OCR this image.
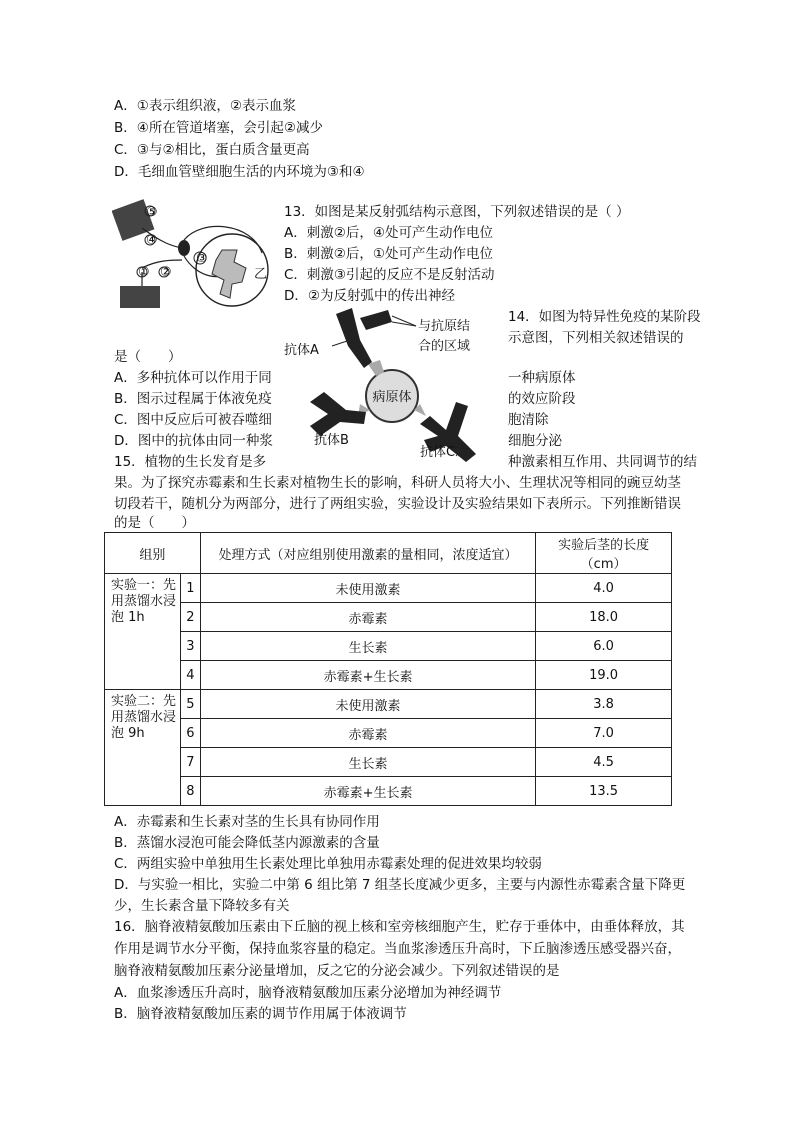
A．①表示组织液，②表示血浆
B．④所在管道堵塞，会引起②减少
C．③与②相比，蛋白质含量更高
D．毛细血管壁细胞生活的内环境为③和④
⑤
④
③
乙
① ②
13．如图是某反射弧结构示意图，下列叙述错误的是（ ）
A．刺激②后，④处可产生动作电位
B．刺激②后，①处可产生动作电位
C．刺激③引起的反应不是反射活动
D．②为反射弧中的传出神经
14．如图为特异性免疫的某阶段
示意图，下列相关叙述错误的
是（　　）
A．多种抗体可以作用于同
B．图示过程属于体液免疫
C．图中反应后可被吞噬细
D．图中的抗体由同一种浆
一种病原体
的效应阶段
胞清除
细胞分泌
病原体
与抗原结
合的区域
抗体A
抗体B
抗体C
15．植物的生长发育是多	种激素相互作用、共同调节的结
果。为了探究赤霉素和生长素对植物生长的影响，科研人员将大小、生理状况等相同的豌豆幼茎
切段若干，随机分为两部分，进行了两组实验，实验设计及实验结果如下表所示。下列推断错误
的是（　　）
组别		处理方式（对应组别使用激素的量相同，浓度适宜）	实验后茎的长度
（cm）

实验一：先用蒸馏水浸泡 1h	1	未使用激素	4.0
	2	赤霉素	18.0
	3	生长素	6.0
	4	赤霉素+生长素	19.0
实验二：先用蒸馏水浸泡 9h	5	未使用激素	3.8
	6	赤霉素	7.0
	7	生长素	4.5
	8	赤霉素+生长素	13.5
A．赤霉素和生长素对茎的生长具有协同作用
B．蒸馏水浸泡可能会降低茎内源激素的含量
C．两组实验中单独用生长素处理比单独用赤霉素处理的促进效果均较弱
D．与实验一相比，实验二中第 6 组比第 7 组茎长度减少更多，主要与内源性赤霉素含量下降更
少，生长素含量下降较多有关
16．脑脊液精氨酸加压素由下丘脑的视上核和室旁核细胞产生，贮存于垂体中，由垂体释放，其
作用是调节水分平衡，保持血浆容量的稳定。当血浆渗透压升高时，下丘脑渗透压感受器兴奋，
脑脊液精氨酸加压素分泌量增加，反之它的分泌会减少。下列叙述错误的是
A．血浆渗透压升高时，脑脊液精氨酸加压素分泌增加为神经调节
B．脑脊液精氨酸加压素的调节作用属于体液调节
